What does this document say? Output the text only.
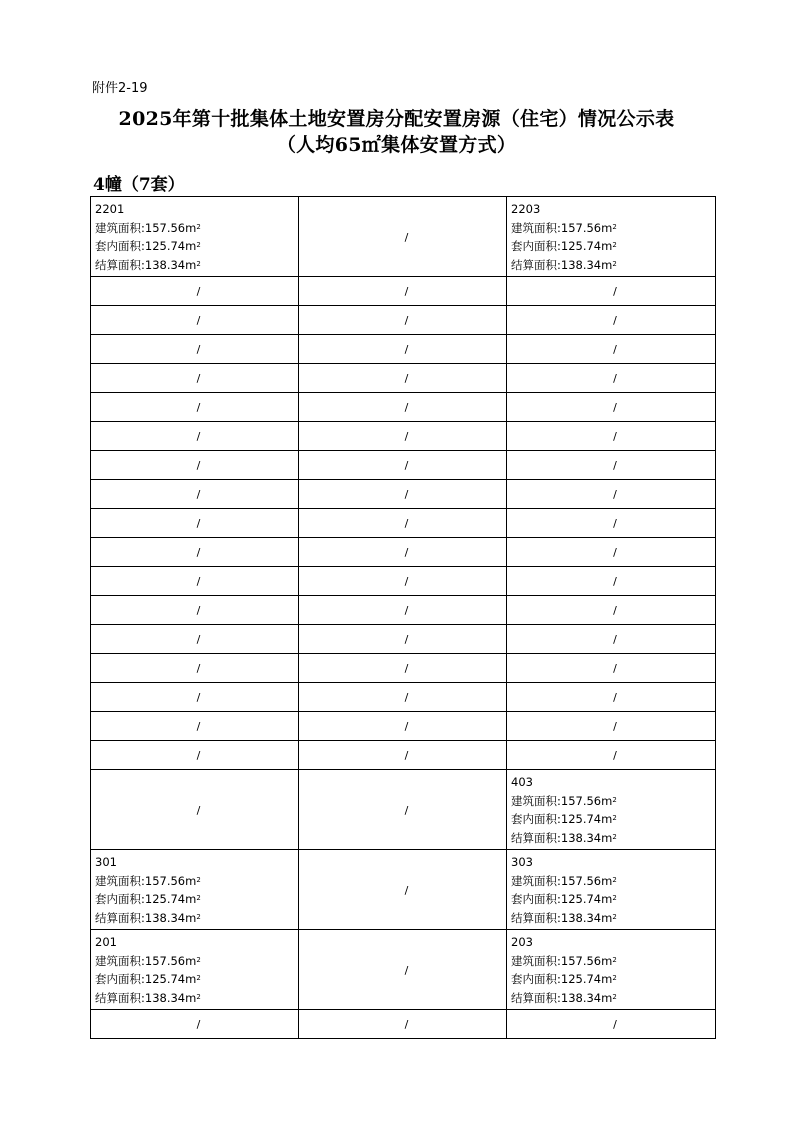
附件2-19
2025年第十批集体土地安置房分配安置房源（住宅）情况公示表
（人均65㎡集体安置方式）
4幢（7套）
2201
建筑面积$:157.56m^2$
套内面积$:125.74m^2$
结算面积$:138.34m^2$	/	2203
建筑面积$:157.56m^2$
套内面积$:125.74m^2$
结算面积$:138.34m^2$

/	/	/
/	/	/
/	/	/
/	/	/
/	/	/
/	/	/
/	/	/
/	/	/
/	/	/
/	/	/
/	/	/
/	/	/
/	/	/
/	/	/
/	/	/
/	/	/
/	/	/
/	/	403
建筑面积$:157.56m^2$
套内面积$:125.74m^2$
结算面积$:138.34m^2$

301
建筑面积$:157.56m^2$
套内面积$:125.74m^2$
结算面积$:138.34m^2$	/	303
建筑面积$:157.56m^2$
套内面积$:125.74m^2$
结算面积$:138.34m^2$

201
建筑面积$:157.56m^2$
套内面积$:125.74m^2$
结算面积$:138.34m^2$	/	203
建筑面积$:157.56m^2$
套内面积$:125.74m^2$
结算面积$:138.34m^2$

/	/	/
